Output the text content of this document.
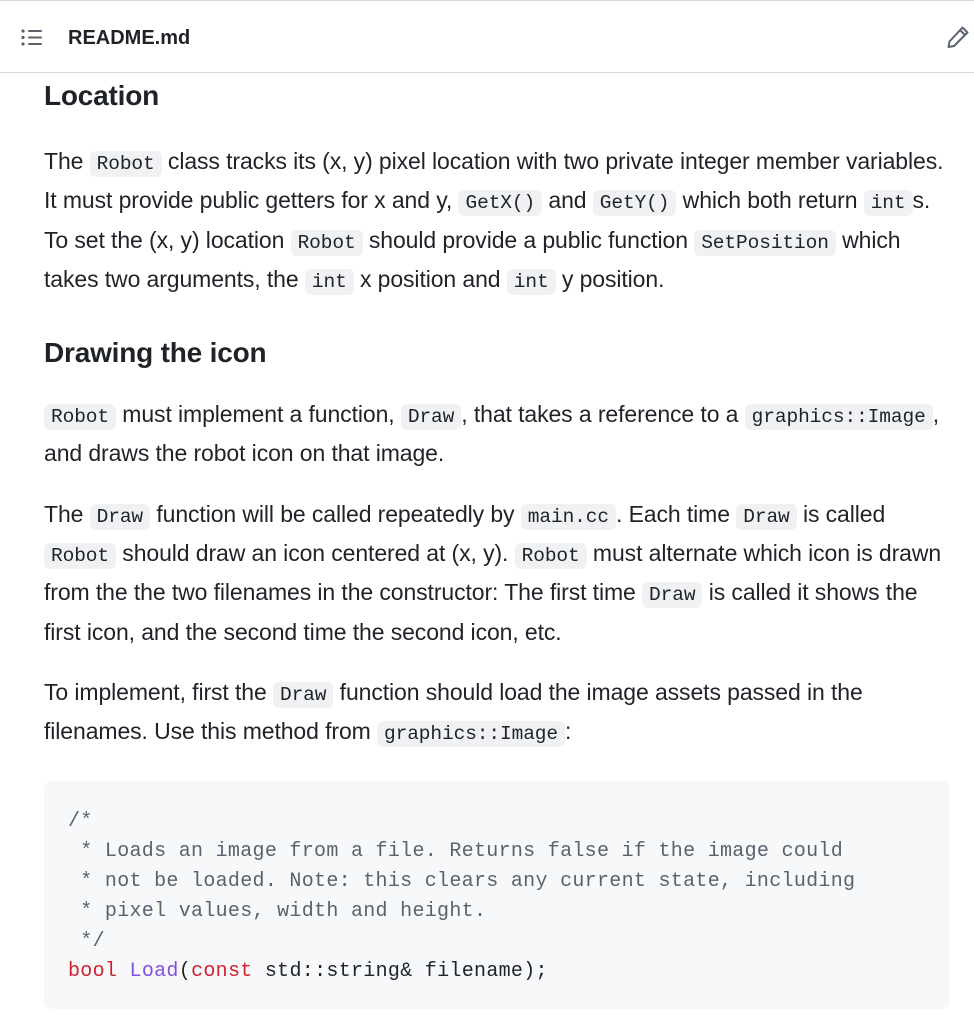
README.md
Location

The Robot class tracks its (x, y) pixel location with two private integer member variables. It must provide public getters for x and y, GetX() and GetY() which both return int s. To set the (x, y) location Robot should provide a public function SetPosition which takes two arguments, the int x position and int y position.

Drawing the icon

Robot must implement a function, Draw , that takes a reference to a graphics::Image , and draws the robot icon on that image.

The Draw function will be called repeatedly by main.cc . Each time Draw is called Robot should draw an icon centered at (x, y). Robot must alternate which icon is drawn from the the two filenames in the constructor: The first time Draw is called it shows the first icon, and the second time the second icon, etc.

To implement, first the Draw function should load the image assets passed in the filenames. Use this method from graphics::Image :

/*
* Loads an image from a file. Returns false if the image could
* not be loaded. Note: this clears any current state, including
* pixel values, width and height.
*/
bool Load(const std::string& filename);
